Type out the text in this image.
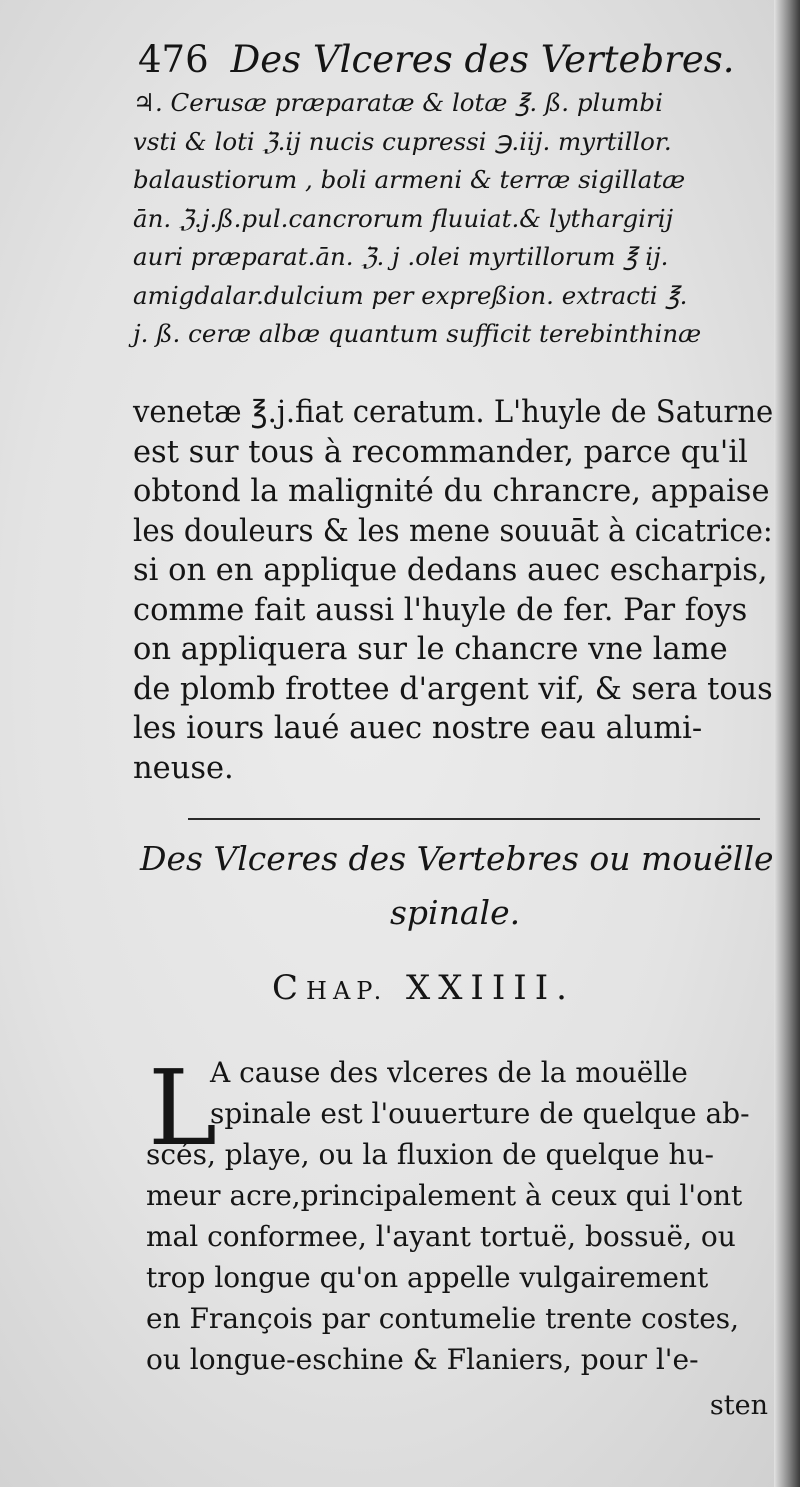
476 Des Vlceres des Vertebres.
♃. Cerusæ præparatæ & lotæ ℥. ß. plumbi
vsti & loti ℨ.ij nucis cupressi ℈.iij. myrtillor.
balaustiorum , boli armeni & terræ sigillatæ
ān. ℨ.j.ß.pul.cancrorum fluuiat.& lythargirij
auri præparat.ān. ℨ. j .olei myrtillorum ℥ ij.
amigdalar.dulcium per expreßion. extracti ℥.
j. ß. ceræ albæ quantum sufficit terebinthinæ
venetæ ℥.j.fiat ceratum. L'huyle de Saturne
est sur tous à recommander, parce qu'il
obtond la malignité du chrancre, appaise
les douleurs & les mene souuāt à cicatrice:
si on en applique dedans auec escharpis,
comme fait aussi l'huyle de fer. Par foys
on appliquera sur le chancre vne lame
de plomb frottee d'argent vif, & sera tous
les iours laué auec nostre eau alumi-
neuse.
Des Vlceres des Vertebres ou mouëlle
spinale.
CHAP. XXIIII.
L
A cause des vlceres de la mouëlle
spinale est l'ouuerture de quelque ab-
scés, playe, ou la fluxion de quelque hu-
meur acre,principalement à ceux qui l'ont
mal conformee, l'ayant tortuë, bossuë, ou
trop longue qu'on appelle vulgairement
en François par contumelie trente costes,
ou longue-eschine & Flaniers, pour l'e-
sten
